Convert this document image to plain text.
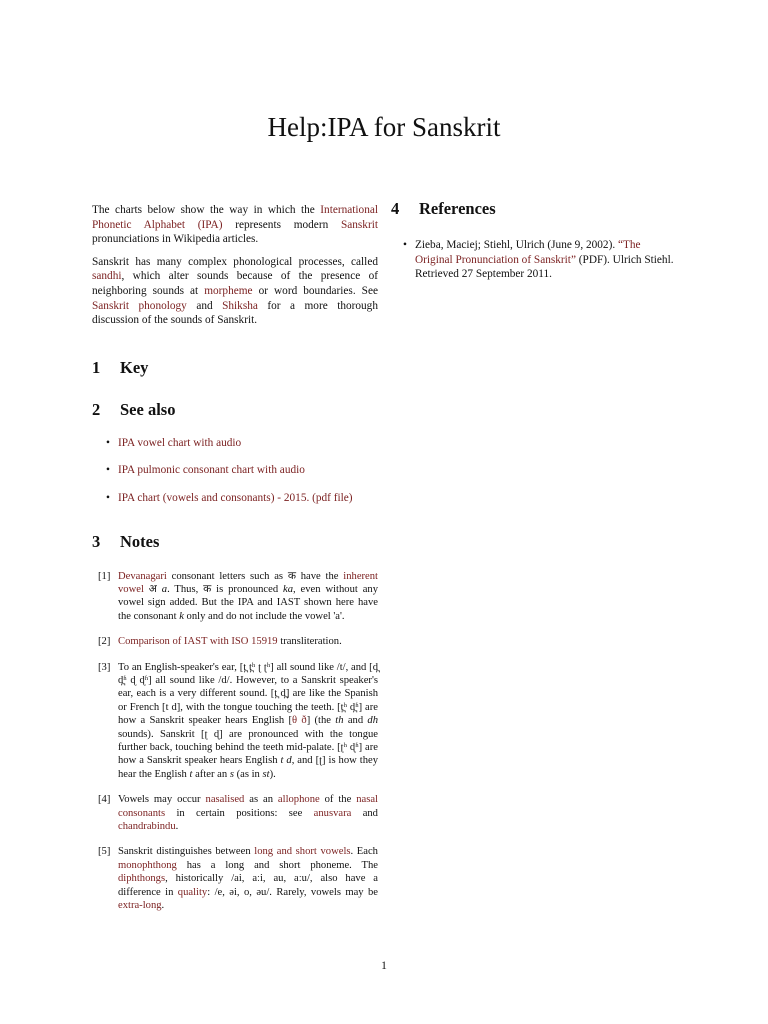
Help:IPA for Sanskrit

The charts below show the way in which the International Phonetic Alphabet (IPA) represents modern Sanskrit pronunciations in Wikipedia articles.

Sanskrit has many complex phonological processes, called sandhi, which alter sounds because of the presence of neighboring sounds at morpheme or word boundaries. See Sanskrit phonology and Shiksha for a more thorough discussion of the sounds of Sanskrit.

1	Key
2	See also
• IPA vowel chart with audio
• IPA pulmonic consonant chart with audio
• IPA chart (vowels and consonants) - 2015. (pdf file)
3	Notes
[1] Devanagari consonant letters such as क have the inherent vowel अ a. Thus, क is pronounced ka, even without any vowel sign added. But the IPA and IAST shown here have the consonant k only and do not include the vowel 'a'.
[2] Comparison of IAST with ISO 15919 transliteration.
[3] To an English-speaker's ear, [t̪ t̪ʰ ʈ ʈʰ] all sound like /t/, and [d̪ d̪ʱ ɖ ɖʱ] all sound like /d/. However, to a Sanskrit speaker's ear, each is a very different sound. [t̪ d̪] are like the Spanish or French [t d], with the tongue touching the teeth. [t̪ʰ d̪ʱ] are how a Sanskrit speaker hears English [θ ð] (the th and dh sounds). Sanskrit [ʈ ɖ] are pronounced with the tongue further back, touching behind the teeth mid-palate. [ʈʰ ɖʱ] are how a Sanskrit speaker hears English t d, and [ʈ] is how they hear the English t after an s (as in st).
[4] Vowels may occur nasalised as an allophone of the nasal consonants in certain positions: see anusvara and chandrabindu.
[5] Sanskrit distinguishes between long and short vowels. Each monophthong has a long and short phoneme. The diphthongs, historically /ai, aːi, au, aːu/, also have a difference in quality: /e, əi, o, əu/. Rarely, vowels may be extra-long.
4	References
• Zieba, Maciej; Stiehl, Ulrich (June 9, 2002). “The Original Pronunciation of Sanskrit” (PDF). Ulrich Stiehl. Retrieved 27 September 2011.
1
